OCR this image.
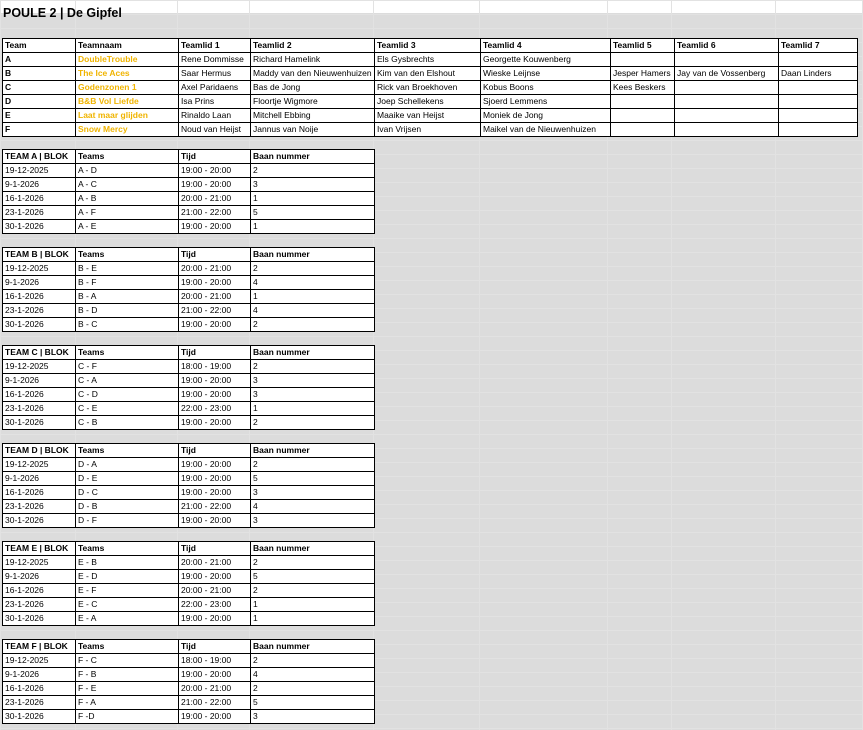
POULE 2 | De Gipfel
Team	Teamnaam	Teamlid 1	Teamlid 2	Teamlid 3	Teamlid 4	Teamlid 5	Teamlid 6	Teamlid 7
A	DoubleTrouble	Rene Dommisse	Richard Hamelink	Els Gysbrechts	Georgette Kouwenberg			
B	The Ice Aces	Saar Hermus	Maddy van den Nieuwenhuizen	Kim van den Elshout	Wieske Leijnse	Jesper Hamers	Jay van de Vossenberg	Daan Linders
C	Godenzonen 1	Axel Paridaens	Bas de Jong	Rick van Broekhoven	Kobus Boons	Kees Beskers		
D	B&B Vol Liefde	Isa Prins	Floortje Wigmore	Joep Schellekens	Sjoerd Lemmens			
E	Laat maar glijden	Rinaldo Laan	Mitchell Ebbing	Maaike van Heijst	Moniek de Jong			
F	Snow Mercy	Noud van Heijst	Jannus van Noije	Ivan Vrijsen	Maikel van de Nieuwenhuizen			
TEAM A | BLOK	Teams	Tijd	Baan nummer
19-12-2025	A - D	19:00 - 20:00	2
9-1-2026	A - C	19:00 - 20:00	3
16-1-2026	A - B	20:00 - 21:00	1
23-1-2026	A - F	21:00 - 22:00	5
30-1-2026	A - E	19:00 - 20:00	1
TEAM B | BLOK	Teams	Tijd	Baan nummer
19-12-2025	B - E	20:00 - 21:00	2
9-1-2026	B - F	19:00 - 20:00	4
16-1-2026	B - A	20:00 - 21:00	1
23-1-2026	B - D	21:00 - 22:00	4
30-1-2026	B - C	19:00 - 20:00	2
TEAM C | BLOK	Teams	Tijd	Baan nummer
19-12-2025	C - F	18:00 - 19:00	2
9-1-2026	C - A	19:00 - 20:00	3
16-1-2026	C - D	19:00 - 20:00	3
23-1-2026	C - E	22:00 - 23:00	1
30-1-2026	C - B	19:00 - 20:00	2
TEAM D | BLOK	Teams	Tijd	Baan nummer
19-12-2025	D - A	19:00 - 20:00	2
9-1-2026	D - E	19:00 - 20:00	5
16-1-2026	D - C	19:00 - 20:00	3
23-1-2026	D - B	21:00 - 22:00	4
30-1-2026	D - F	19:00 - 20:00	3
TEAM E | BLOK	Teams	Tijd	Baan nummer
19-12-2025	E - B	20:00 - 21:00	2
9-1-2026	E - D	19:00 - 20:00	5
16-1-2026	E - F	20:00 - 21:00	2
23-1-2026	E - C	22:00 - 23:00	1
30-1-2026	E - A	19:00 - 20:00	1
TEAM F | BLOK	Teams	Tijd	Baan nummer
19-12-2025	F - C	18:00 - 19:00	2
9-1-2026	F - B	19:00 - 20:00	4
16-1-2026	F - E	20:00 - 21:00	2
23-1-2026	F - A	21:00 - 22:00	5
30-1-2026	F -D	19:00 - 20:00	3
